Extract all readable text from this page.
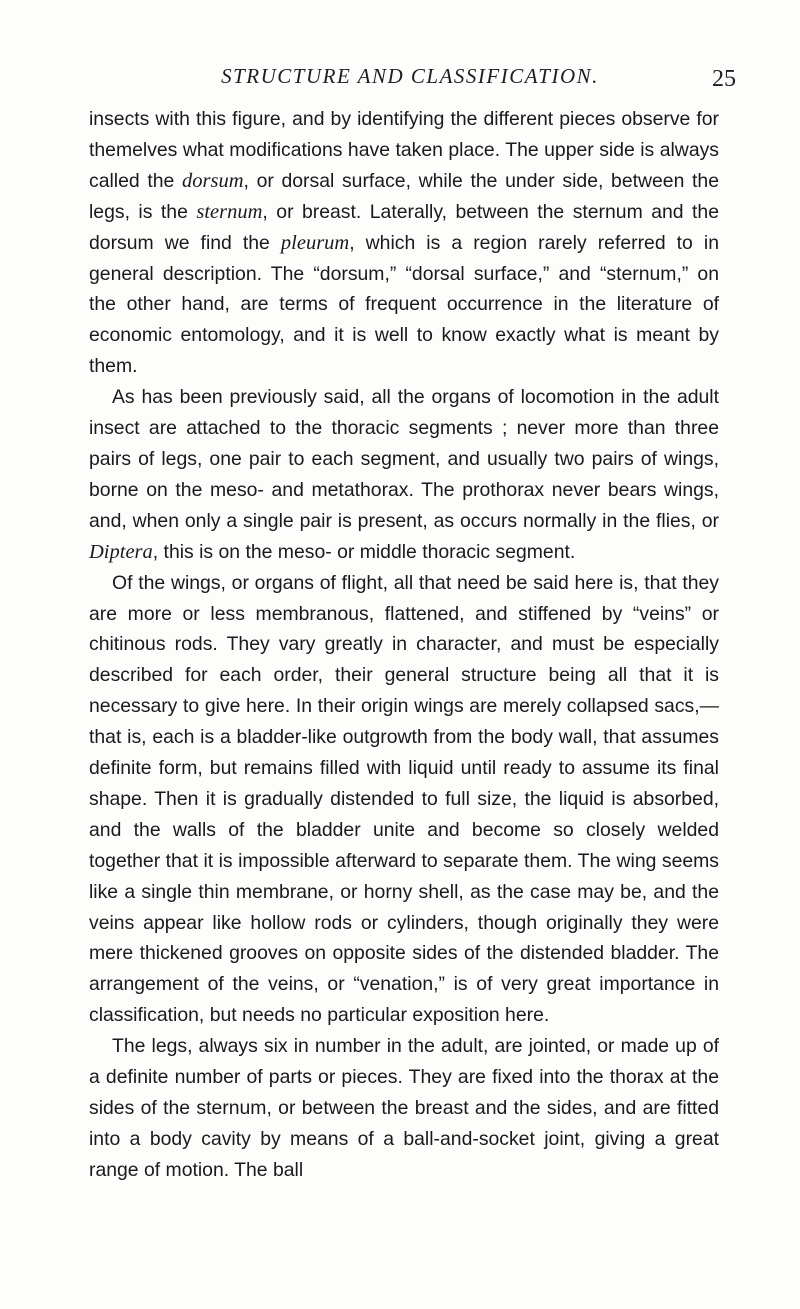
STRUCTURE AND CLASSIFICATION.	25

insects with this figure, and by identifying the different pieces observe for themelves what modifications have taken place. The upper side is always called the dorsum, or dorsal surface, while the under side, between the legs, is the sternum, or breast. Laterally, between the sternum and the dorsum we find the pleurum, which is a region rarely referred to in general description. The “dorsum,” “dorsal surface,” and “sternum,” on the other hand, are terms of frequent occurrence in the literature of economic entomology, and it is well to know exactly what is meant by them.

As has been previously said, all the organs of locomotion in the adult insect are attached to the thoracic segments ; never more than three pairs of legs, one pair to each segment, and usually two pairs of wings, borne on the meso- and metathorax. The prothorax never bears wings, and, when only a single pair is present, as occurs normally in the flies, or Diptera, this is on the meso- or middle thoracic segment.

Of the wings, or organs of flight, all that need be said here is, that they are more or less membranous, flattened, and stiffened by “veins” or chitinous rods. They vary greatly in character, and must be especially described for each order, their general structure being all that it is necessary to give here. In their origin wings are merely collapsed sacs,—that is, each is a bladder-like outgrowth from the body wall, that assumes definite form, but remains filled with liquid until ready to assume its final shape. Then it is gradually distended to full size, the liquid is absorbed, and the walls of the bladder unite and become so closely welded together that it is impossible afterward to separate them. The wing seems like a single thin membrane, or horny shell, as the case may be, and the veins appear like hollow rods or cylinders, though originally they were mere thickened grooves on opposite sides of the distended bladder. The arrangement of the veins, or “venation,” is of very great importance in classification, but needs no particular exposition here.

The legs, always six in number in the adult, are jointed, or made up of a definite number of parts or pieces. They are fixed into the thorax at the sides of the sternum, or between the breast and the sides, and are fitted into a body cavity by means of a ball-and-socket joint, giving a great range of motion. The ball
